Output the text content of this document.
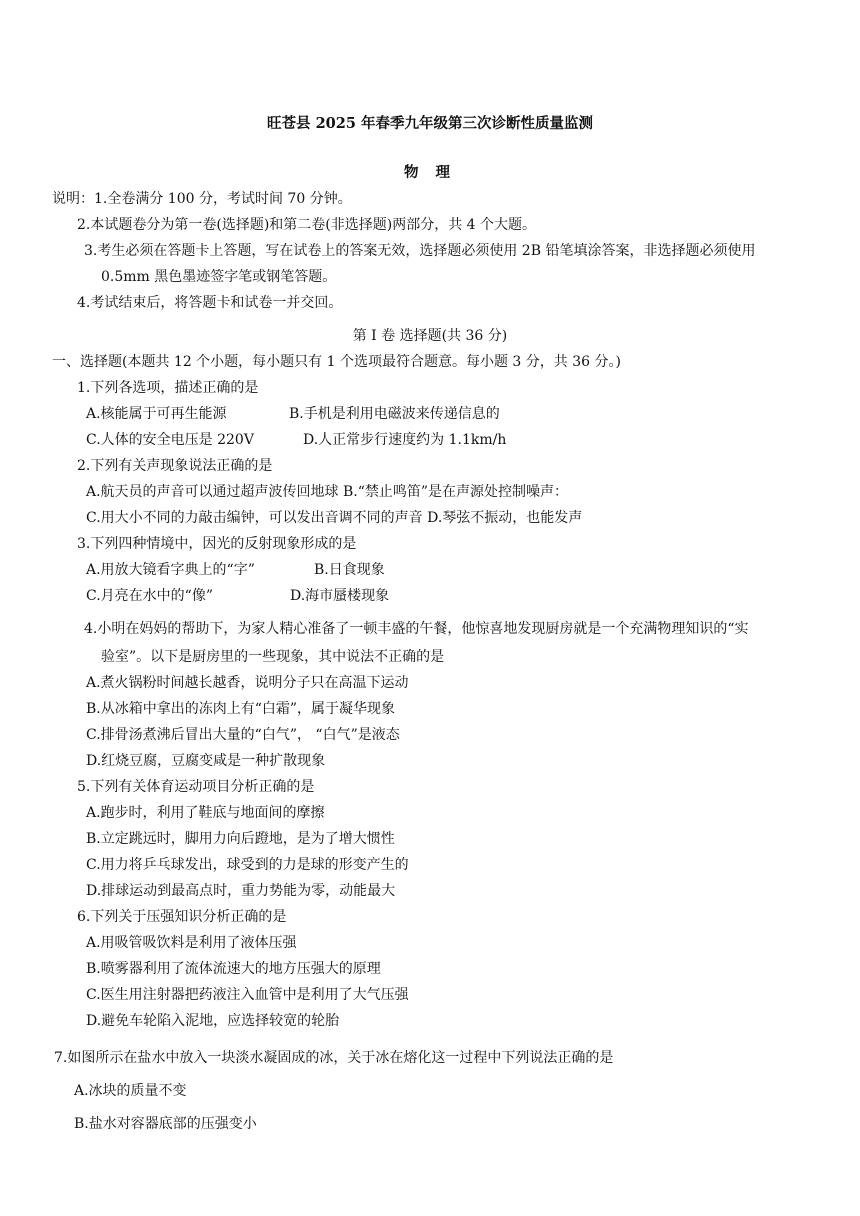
旺苍县 2025 年春季九年级第三次诊断性质量监测
物 理
说明：1.全卷满分 100 分，考试时间 70 分钟。
2.本试题卷分为第一卷(选择题)和第二卷(非选择题)两部分，共 4 个大题。
3.考生必须在答题卡上答题，写在试卷上的答案无效，选择题必须使用 2B 铅笔填涂答案，非选择题必须使用
0.5mm 黑色墨迹签字笔或钢笔答题。
4.考试结束后，将答题卡和试卷一并交回。
第 Ⅰ 卷 选择题(共 36 分)
一、选择题(本题共 12 个小题，每小题只有 1 个选项最符合题意。每小题 3 分，共 36 分。)
1.下列各选项，描述正确的是
A.核能属于可再生能源	B.手机是利用电磁波来传递信息的
C.人体的安全电压是 220V	D.人正常步行速度约为 1.1km/h
2.下列有关声现象说法正确的是
A.航天员的声音可以通过超声波传回地球 B.“禁止鸣笛”是在声源处控制噪声：
C.用大小不同的力敲击编钟，可以发出音调不同的声音 D.琴弦不振动，也能发声
3.下列四种情境中，因光的反射现象形成的是
A.用放大镜看字典上的“字”	B.日食现象
C.月亮在水中的“像”	D.海市蜃楼现象
4.小明在妈妈的帮助下，为家人精心准备了一顿丰盛的午餐，他惊喜地发现厨房就是一个充满物理知识的“实
验室”。以下是厨房里的一些现象，其中说法不正确的是
A.煮火锅粉时间越长越香，说明分子只在高温下运动
B.从冰箱中拿出的冻肉上有“白霜”，属于凝华现象
C.排骨汤煮沸后冒出大量的“白气”， “白气”是液态
D.红烧豆腐，豆腐变咸是一种扩散现象
5.下列有关体育运动项目分析正确的是
A.跑步时，利用了鞋底与地面间的摩擦
B.立定跳远时，脚用力向后蹬地，是为了增大惯性
C.用力将乒乓球发出，球受到的力是球的形变产生的
D.排球运动到最高点时，重力势能为零，动能最大
6.下列关于压强知识分析正确的是
A.用吸管吸饮料是利用了液体压强
B.喷雾器利用了流体流速大的地方压强大的原理
C.医生用注射器把药液注入血管中是利用了大气压强
D.避免车轮陷入泥地，应选择较宽的轮胎
7.如图所示在盐水中放入一块淡水凝固成的冰，关于冰在熔化这一过程中下列说法正确的是
A.冰块的质量不变
B.盐水对容器底部的压强变小
